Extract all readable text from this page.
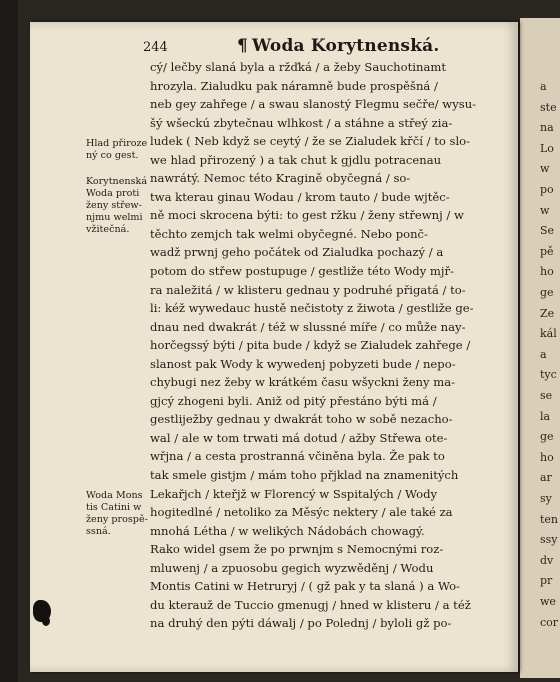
a
ste
na
Lo
w
po
w
Se
pě
ho
ge
Ze
kál
a
tyc
se
la
ge
ho
ar
sy
ten
ssy
dv
pr
we
cor
244	¶ Woda Korytnenská.
cý/ lečby slaná byla a ržďká / a žeby Sauchotinamt
hrozyla. Zialudku pak náramně bude prospěšná /
neb gey zahřege / a swau slanostý Flegmu sečře/ wysu-
šý wšeckú zbytečnau wlhkost / a stáhne a střeý zia-
ludek ( Neb když se ceytý / že se Zialudek křčí / to slo-
we hlad přirozený ) a tak chut k gjdlu potracenau
nawrátý. Nemoc této Kragině obyčegná / so-
twa kterau ginau Wodau / krom tauto / bude wjtěc-
ně moci skrocena býti: to gest ržku / ženy střewnj / w
těchto zemjch tak welmi obyčegné. Nebo ponč-
wadž prwnj geho počátek od Zialudka pochazý / a
potom do střew postupuge / gestliže této Wody mjř-
ra naležitá / w klisteru gednau y podruhé přigatá / to-
li: kéž wywedauc hustě nečistoty z žiwota / gestliže ge-
dnau ned dwakrát / též w slussné míře / co může nay-
horčegssý býti / pita bude / když se Zialudek zahřege /
slanost pak Wody k wywedenj pobyzeti bude / nepo-
chybugi nez žeby w krátkém času wšyckni ženy ma-
gjcý zhogeni byli. Aniž od pitý přestáno býti má /
gestliježby gednau y dwakrát toho w sobě nezacho-
wal / ale w tom trwati má dotud / ažby Střewa ote-
wřjna / a cesta prostranná včiněna byla. Že pak to
tak smele gistjm / mám toho přjklad na znamenitých
Lekařjch / kteřjž w Florencý w Sspitalých / Wody
hogitedlné / netoliko za Měsýc nektery / ale také za
mnohá Létha / w welikých Nádobách chowagý.
Rako widel gsem že po prwnjm s Nemocnými roz-
mluwenj / a zpuosobu gegich wyzwěděnj / Wodu
Montis Catini w Hetruryj / ( gž pak y ta slaná ) a Wo-
du kterauž de Tuccio gmenugj / hned w klisteru / a též
na druhý den pýti dáwalj / po Polednj / byloli gž po-
Hlad přiroze
ný co gest.
Korytnenská
Woda proti
ženy střew-
njmu welmi
vžitečná.
Woda Mons
tis Catini w
ženy prospě-
ssná.
